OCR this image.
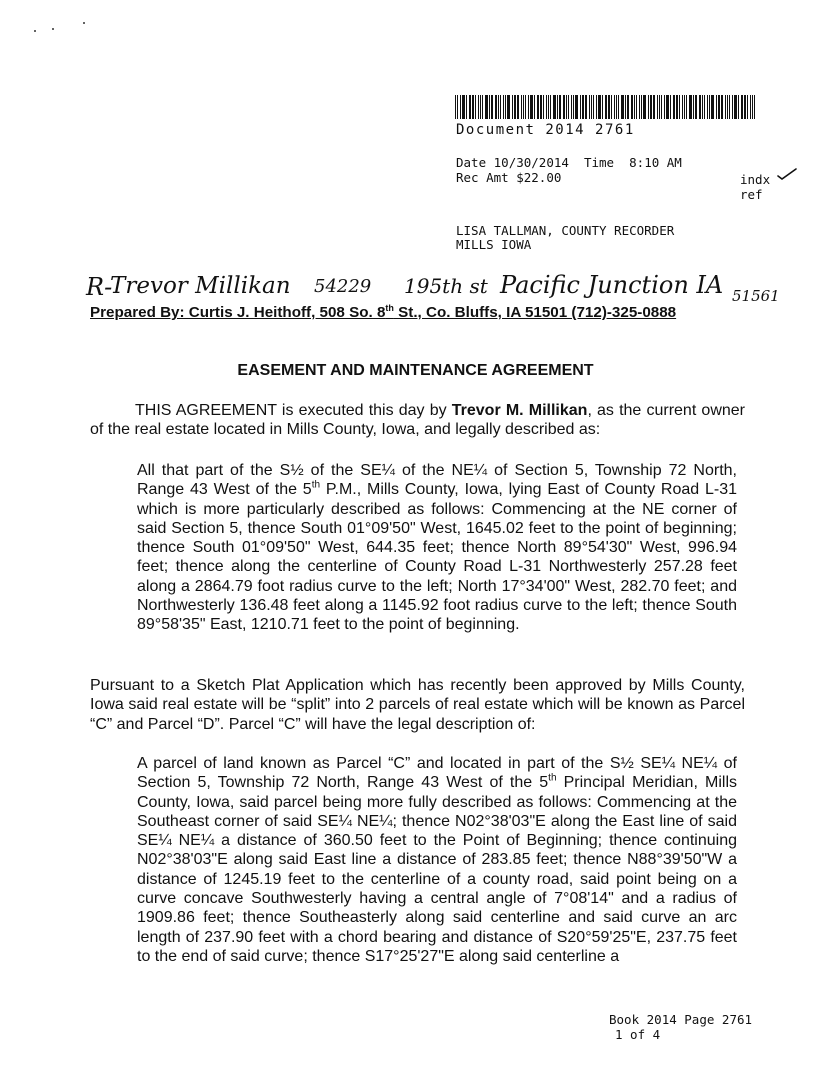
Document 2014 2761
Date 10/30/2014 Time 8:10 AM
Rec Amt $22.00	indx
ref
LISA TALLMAN, COUNTY RECORDER
MILLS IOWA
R-
Trevor Millikan 54229 195th st Pacific Junction IA 51561
Prepared By: Curtis J. Heithoff, 508 So. 8th St., Co. Bluffs, IA 51501 (712)-325-0888
EASEMENT AND MAINTENANCE AGREEMENT
THIS AGREEMENT is executed this day by Trevor M. Millikan, as the current owner of the real estate located in Mills County, Iowa, and legally described as:
All that part of the S½ of the SE¼ of the NE¼ of Section 5, Township 72 North, Range 43 West of the 5th P.M., Mills County, Iowa, lying East of County Road L-31 which is more particularly described as follows: Commencing at the NE corner of said Section 5, thence South 01°09'50" West, 1645.02 feet to the point of beginning; thence South 01°09'50" West, 644.35 feet; thence North 89°54'30" West, 996.94 feet; thence along the centerline of County Road L-31 Northwesterly 257.28 feet along a 2864.79 foot radius curve to the left; North 17°34'00" West, 282.70 feet; and Northwesterly 136.48 feet along a 1145.92 foot radius curve to the left; thence South 89°58'35" East, 1210.71 feet to the point of beginning.
Pursuant to a Sketch Plat Application which has recently been approved by Mills County, Iowa said real estate will be “split” into 2 parcels of real estate which will be known as Parcel “C” and Parcel “D”. Parcel “C” will have the legal description of:
A parcel of land known as Parcel “C” and located in part of the S½ SE¼ NE¼ of Section 5, Township 72 North, Range 43 West of the 5th Principal Meridian, Mills County, Iowa, said parcel being more fully described as follows: Commencing at the Southeast corner of said SE¼ NE¼; thence N02°38'03"E along the East line of said SE¼ NE¼ a distance of 360.50 feet to the Point of Beginning; thence continuing N02°38'03"E along said East line a distance of 283.85 feet; thence N88°39'50"W a distance of 1245.19 feet to the centerline of a county road, said point being on a curve concave Southwesterly having a central angle of 7°08'14" and a radius of 1909.86 feet; thence Southeasterly along said centerline and said curve an arc length of 237.90 feet with a chord bearing and distance of S20°59'25"E, 237.75 feet to the end of said curve; thence S17°25'27"E along said centerline a
Book 2014 Page 2761
1 of 4
